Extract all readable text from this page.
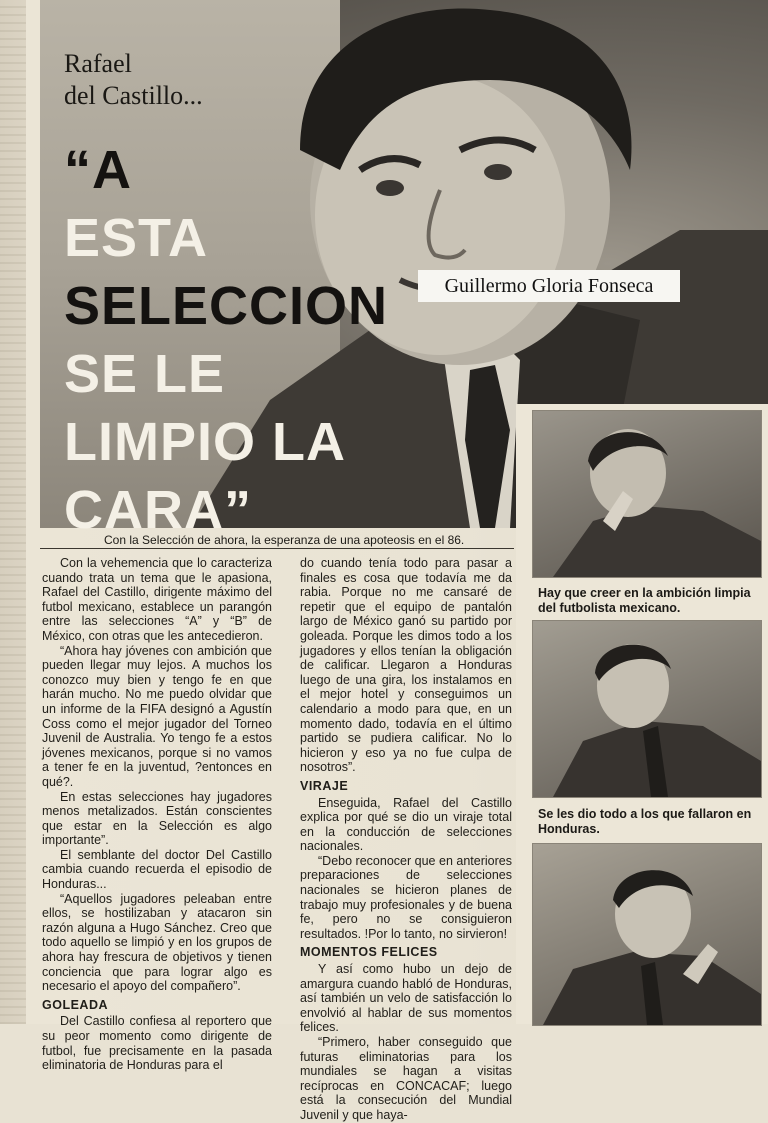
Rafael
del Castillo...
“A
ESTA
SELECCION
SE LE
LIMPIO LA CARA”
Guillermo Gloria Fonseca
Con la Selección de ahora, la esperanza de una apoteosis en el 86.

Con la vehemencia que lo caracteriza cuando trata un tema que le apasiona, Rafael del Castillo, dirigente máximo del futbol mexicano, establece un parangón entre las selecciones “A” y “B” de México, con otras que les antecedieron.

“Ahora hay jóvenes con ambición que pueden llegar muy lejos. A muchos los conozco muy bien y tengo fe en que harán mucho. No me puedo olvidar que un informe de la FIFA designó a Agustín Coss como el mejor jugador del Torneo Juvenil de Australia. Yo tengo fe a estos jóvenes mexicanos, porque si no vamos a tener fe en la juventud, ?entonces en qué?.

En estas selecciones hay jugadores menos metalizados. Están conscientes que estar en la Selección es algo importante”.

El semblante del doctor Del Castillo cambia cuando recuerda el episodio de Honduras...

“Aquellos jugadores peleaban entre ellos, se hostilizaban y atacaron sin razón alguna a Hugo Sánchez. Creo que todo aquello se limpió y en los grupos de ahora hay frescura de objetivos y tienen conciencia que para lograr algo es necesario el apoyo del compañero”.

GOLEADA

Del Castillo confiesa al reportero que su peor momento como dirigente de futbol, fue precisamente en la pasada eliminatoria de Honduras para el

do cuando tenía todo para pasar a finales es cosa que todavía me da rabia. Porque no me cansaré de repetir que el equipo de pantalón largo de México ganó su partido por goleada. Porque les dimos todo a los jugadores y ellos tenían la obligación de calificar. Llegaron a Honduras luego de una gira, los instalamos en el mejor hotel y conseguimos un calendario a modo para que, en un momento dado, todavía en el último partido se pudiera calificar. No lo hicieron y eso ya no fue culpa de nosotros”.

VIRAJE

Enseguida, Rafael del Castillo explica por qué se dio un viraje total en la conducción de selecciones nacionales.

“Debo reconocer que en anteriores preparaciones de selecciones nacionales se hicieron planes de trabajo muy profesionales y de buena fe, pero no se consiguieron resultados. !Por lo tanto, no sirvieron!

MOMENTOS FELICES

Y así como hubo un dejo de amargura cuando habló de Honduras, así también un velo de satisfacción lo envolvió al hablar de sus momentos felices.

“Primero, haber conseguido que futuras eliminatorias para los mundiales se hagan a visitas recíprocas en CONCACAF; luego está la consecución del Mundial Juvenil y que haya-

Hay que creer en la ambición limpia del futbolista mexicano.
Se les dio todo a los que fallaron en Honduras.
